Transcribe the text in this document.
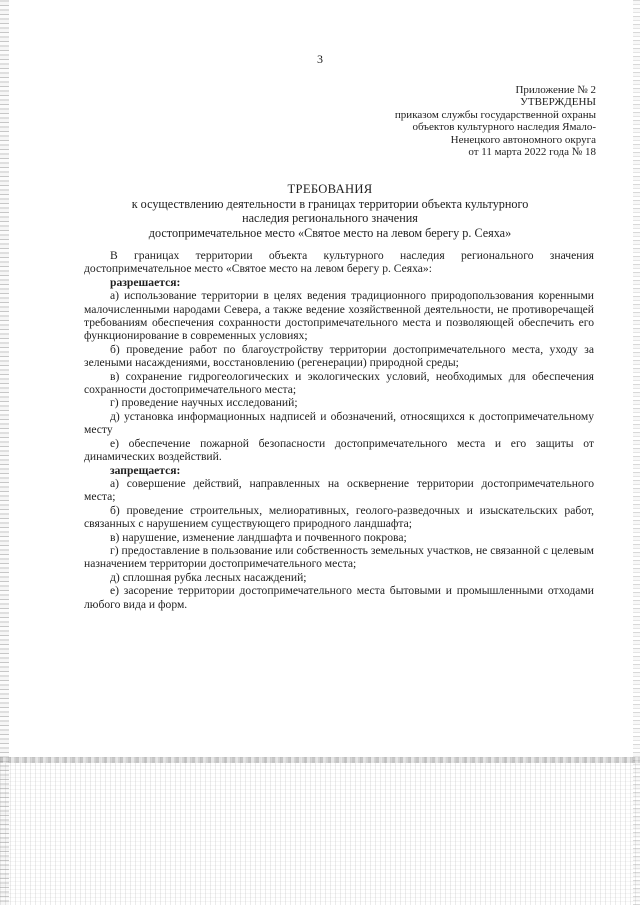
3
Приложение № 2
УТВЕРЖДЕНЫ
приказом службы государственной охраны
объектов культурного наследия Ямало-
Ненецкого автономного округа
от 11 марта 2022 года № 18
ТРЕБОВАНИЯ
к осуществлению деятельности в границах территории объекта культурного
наследия регионального значения
достопримечательное место «Святое место на левом берегу р. Сеяха»

В границах территории объекта культурного наследия регионального значения достопримечательное место «Святое место на левом берегу р. Сеяха»:

разрешается:

а) использование территории в целях ведения традиционного природопользования коренными малочисленными народами Севера, а также ведение хозяйственной деятельности, не противоречащей требованиям обеспечения сохранности достопримечательного места и позволяющей обеспечить его функционирование в современных условиях;

б) проведение работ по благоустройству территории достопримечательного места, уходу за зелеными насаждениями, восстановлению (регенерации) природной среды;

в) сохранение гидрогеологических и экологических условий, необходимых для обеспечения сохранности достопримечательного места;

г) проведение научных исследований;

д) установка информационных надписей и обозначений, относящихся к достопримечательному месту

е) обеспечение пожарной безопасности достопримечательного места и его защиты от динамических воздействий.

запрещается:

а) совершение действий, направленных на осквернение территории достопримечательного места;

б) проведение строительных, мелиоративных, геолого-разведочных и изыскательских работ, связанных с нарушением существующего природного ландшафта;

в) нарушение, изменение ландшафта и почвенного покрова;

г) предоставление в пользование или собственность земельных участков, не связанной с целевым назначением территории достопримечательного места;

д) сплошная рубка лесных насаждений;

е) засорение территории достопримечательного места бытовыми и промышленными отходами любого вида и форм.
